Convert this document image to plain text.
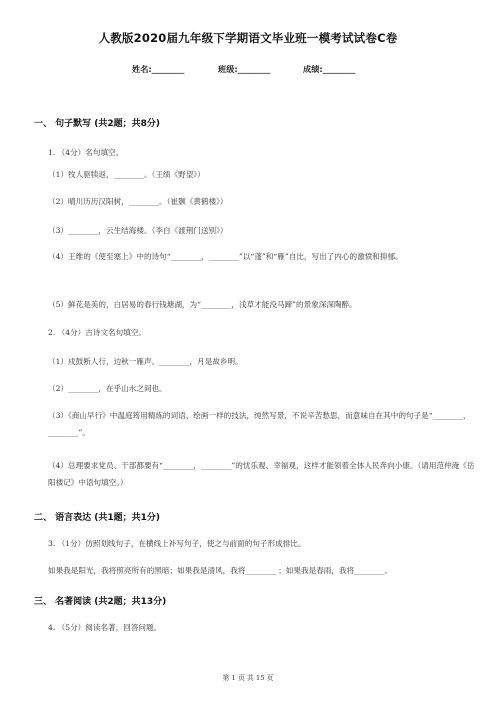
人教版2020届九年级下学期语文毕业班一模考试试卷C卷
姓名:________	班级:________	成绩:________
一、 句子默写 (共2题；共8分)
1. （4分）名句填空。
（1）牧人驱犊返，________。（王绩《野望》）
（2）晴川历历汉阳树，________。（崔颢《黄鹤楼》）
（3）________，云生结海楼。（李白《渡荆门送别》）
（4）王维的《使至塞上》中的诗句“________，________”以“蓬”和“雁”自比，写出了内心的激愤和抑郁。
（5）鲜花是美的，白居易的春行钱塘湖，为“________，浅草才能没马蹄”的景象深深陶醉。
2. （4分）古诗文名句填空。
（1）戍鼓断人行，边秋一雁声。________，月是故乡明。
（2）________，在乎山水之间也。
（3）《商山早行》中温庭筠用精炼的词语、绘画一样的技法，纯然写景，不说辛苦愁思，而意味自在其中的句子是“________，________”。
（4）总理要求党员、干部都要有“________，________”的忧乐观、幸福观，这样才能领着全体人民奔向小康。（请用范仲淹《岳阳楼记》中语句填空。）
二、 语言表达 (共1题；共1分)
3. （1分）仿照划线句子，在横线上补写句子，使之与前面的句子形成排比。
如果我是阳光，我将照亮所有的黑暗；如果我是清风，我将________ ；如果我是春雨，我将________。
三、 名著阅读 (共2题；共13分)
4. （5分）阅读名著，回答问题。
第 1 页 共 15 页
